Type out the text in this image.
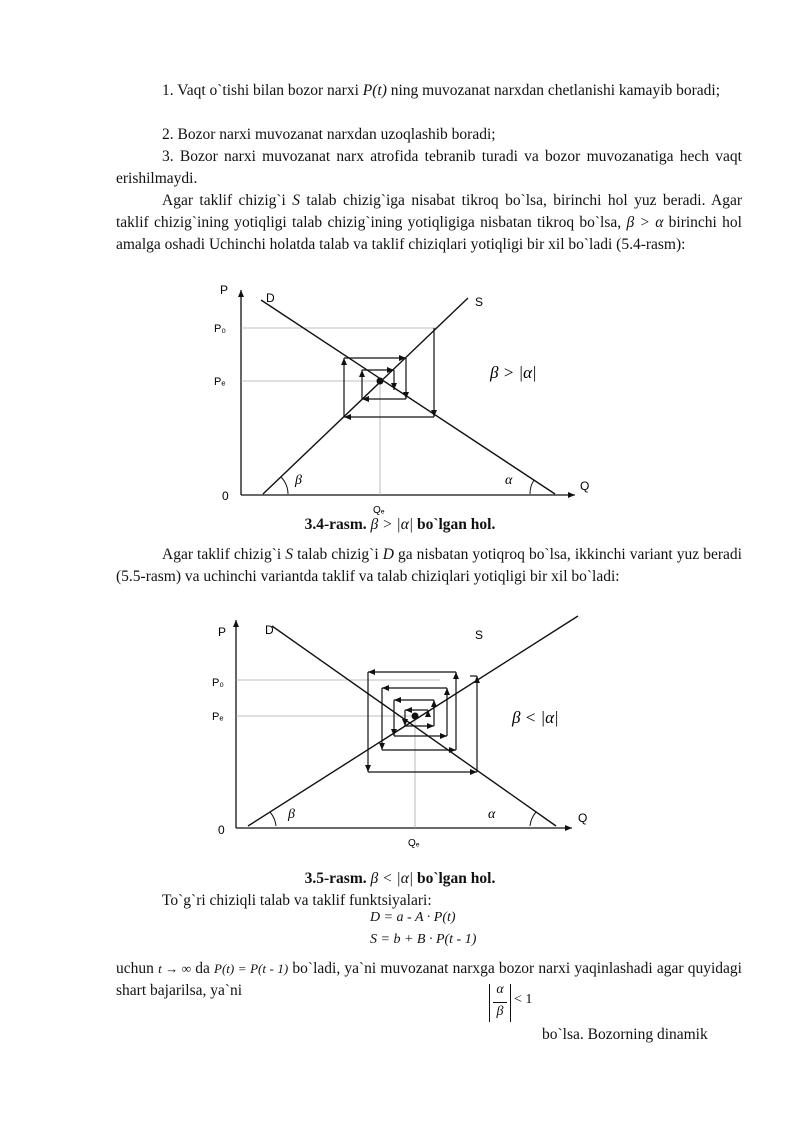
1. Vaqt o`tishi bilan bozor narxi P(t) ning muvozanat narxdan chetlanishi kamayib boradi;

2. Bozor narxi muvozanat narxdan uzoqlashib boradi;

3. Bozor narxi muvozanat narx atrofida tebranib turadi va bozor muvozanatiga hech vaqt erishilmaydi.

Agar taklif chizig`i S talab chizig`iga nisabat tikroq bo`lsa, birinchi hol yuz beradi. Agar taklif chizig`ining yotiqligi talab chizig`ining yotiqligiga nisbatan tikroq bo`lsa, β > α birinchi hol amalga oshadi Uchinchi holatda talab va taklif chiziqlari yotiqligi bir xil bo`ladi (5.4-rasm):

P
Q
0
P₀
Pₑ
Qₑ
D	S
β	α
β > |α|

3.4-rasm. β > |α| bo`lgan hol.

Agar taklif chizig`i S talab chizig`i D ga nisbatan yotiqroq bo`lsa, ikkinchi variant yuz beradi (5.5-rasm) va uchinchi variantda taklif va talab chiziqlari yotiqligi bir xil bo`ladi:

P
Q
0
P₀
Pₑ
Qₑ
D	S
β	α
β < |α|

3.5-rasm. β < |α| bo`lgan hol.

To`g`ri chiziqli talab va taklif funktsiyalari:

D = a - A · P(t)

S = b + B · P(t - 1)

uchun t → ∞ da P(t) = P(t - 1) bo`ladi, ya`ni muvozanat narxga bozor narxi yaqinlashadi agar quyidagi shart bajarilsa, ya`ni	α
β
< 1

bo`lsa. Bozorning dinamik
